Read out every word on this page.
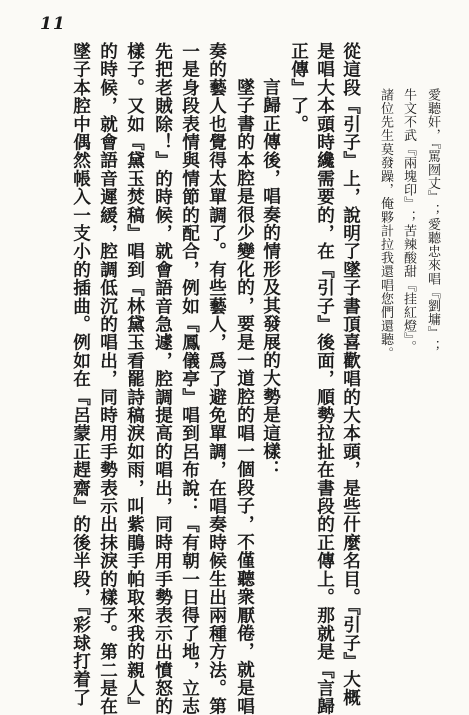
11
愛聽奸，『罵囫丈』；愛聽忠來唱『劉墉』；
牛文不武『兩塊印』；苦辣酸甜『挂紅燈』。
諸位先生莫發躁，俺夥計拉我還唱您們還聽。
從這段『引子』上，說明了墜子書頂喜歡唱的大本頭，是些什麼名目。『引子』大概
是唱大本頭時纔需要的，在『引子』後面，順勢拉扯在書段的正傳上。那就是『言歸
正傳』了。
言歸正傳後，唱奏的情形及其發展的大勢是這樣：
墜子書的本腔是很少變化的，要是一道腔的唱一個段子，不僅聽衆厭倦，就是唱
奏的藝人也覺得太單調了。有些藝人，爲了避免單調，在唱奏時候生出兩種方法。第
一是身段表情與情節的配合，例如『鳳儀亭』唱到呂布說：『有朝一日得了地，立志
先把老賊除！』的時候，就會語音急遽，腔調提高的唱出，同時用手勢表示出憤怒的
樣子。又如『黛玉焚稿』唱到『林黛玉看罷詩稿淚如雨，叫紫鵑手帕取來我的親人』
的時候，就會語音遲緩，腔調低沉的唱出，同時用手勢表示出抹淚的樣子。第二是在
墜子本腔中偶然帳入一支小的插曲。例如在『呂蒙正趕齋』的後半段，『彩球打着了
